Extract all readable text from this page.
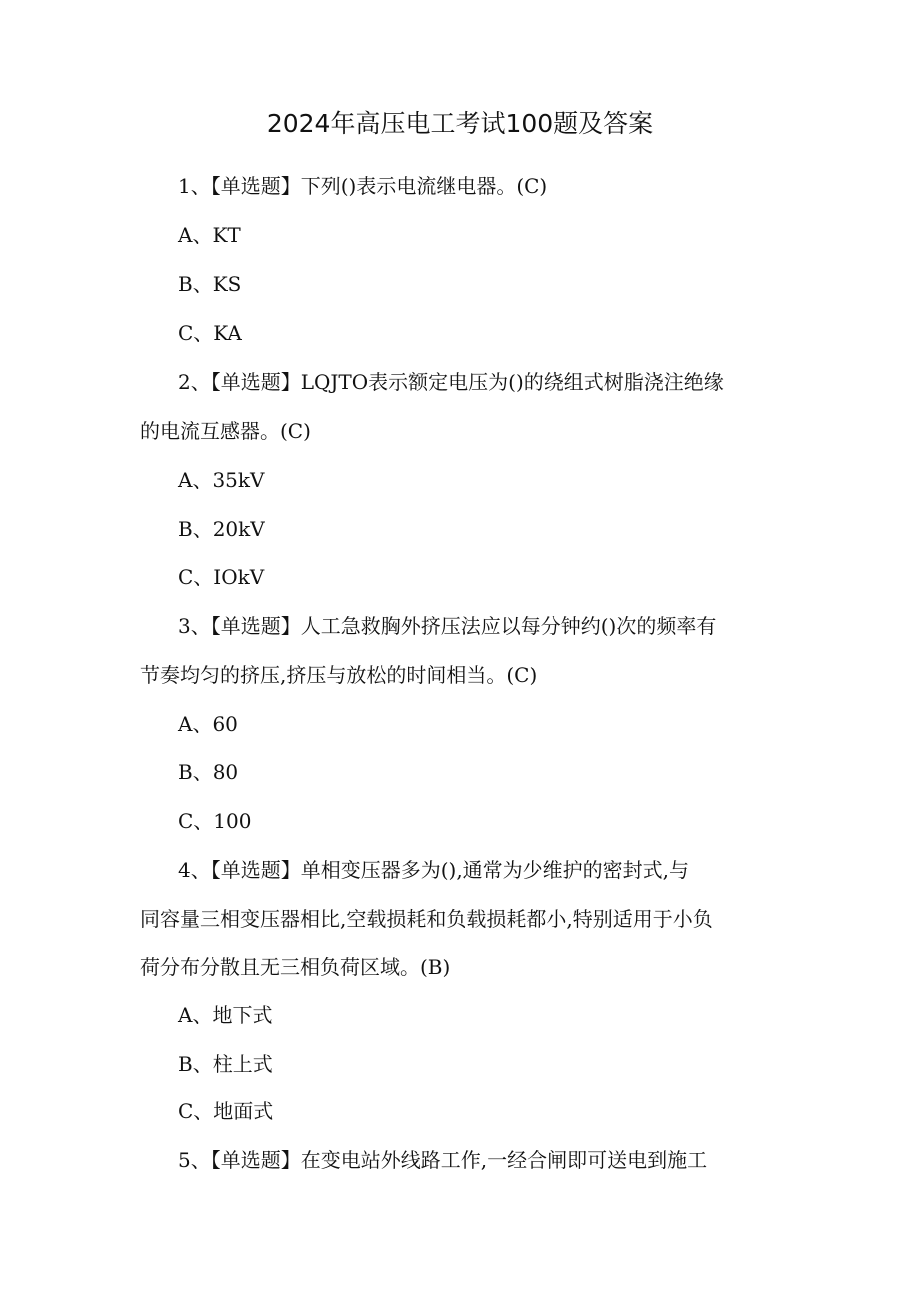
2024年高压电工考试100题及答案
1、【单选题】下列()表示电流继电器。(C)
A、KT
B、KS
C、KA
2、【单选题】LQJTO表示额定电压为()的绕组式树脂浇注绝缘
的电流互感器。(C)
A、35kV
B、20kV
C、IOkV
3、【单选题】人工急救胸外挤压法应以每分钟约()次的频率有
节奏均匀的挤压,挤压与放松的时间相当。(C)
A、60
B、80
C、100
4、【单选题】单相变压器多为(),通常为少维护的密封式,与
同容量三相变压器相比,空载损耗和负载损耗都小,特别适用于小负
荷分布分散且无三相负荷区域。(B)
A、地下式
B、柱上式
C、地面式
5、【单选题】在变电站外线路工作,一经合闸即可送电到施工
